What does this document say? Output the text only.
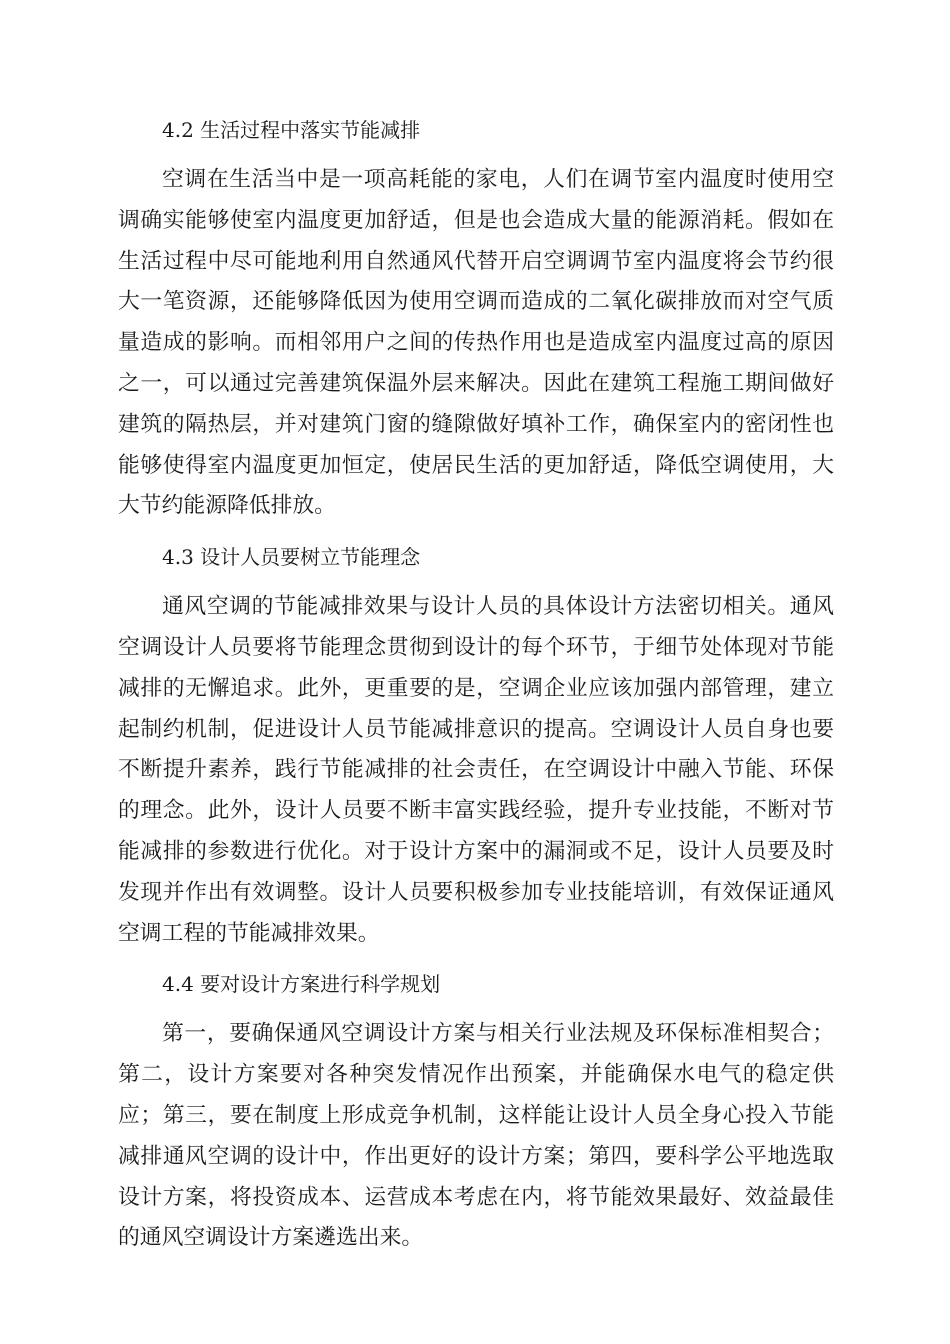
4.2 生活过程中落实节能减排

空调在生活当中是一项高耗能的家电，人们在调节室内温度时使用空调确实能够使室内温度更加舒适，但是也会造成大量的能源消耗。假如在生活过程中尽可能地利用自然通风代替开启空调调节室内温度将会节约很大一笔资源，还能够降低因为使用空调而造成的二氧化碳排放而对空气质量造成的影响。而相邻用户之间的传热作用也是造成室内温度过高的原因之一，可以通过完善建筑保温外层来解决。因此在建筑工程施工期间做好建筑的隔热层，并对建筑门窗的缝隙做好填补工作，确保室内的密闭性也能够使得室内温度更加恒定，使居民生活的更加舒适，降低空调使用，大大节约能源降低排放。

4.3 设计人员要树立节能理念

通风空调的节能减排效果与设计人员的具体设计方法密切相关。通风空调设计人员要将节能理念贯彻到设计的每个环节，于细节处体现对节能减排的无懈追求。此外，更重要的是，空调企业应该加强内部管理，建立起制约机制，促进设计人员节能减排意识的提高。空调设计人员自身也要不断提升素养，践行节能减排的社会责任，在空调设计中融入节能、环保的理念。此外，设计人员要不断丰富实践经验，提升专业技能，不断对节能减排的参数进行优化。对于设计方案中的漏洞或不足，设计人员要及时发现并作出有效调整。设计人员要积极参加专业技能培训，有效保证通风空调工程的节能减排效果。

4.4 要对设计方案进行科学规划

第一，要确保通风空调设计方案与相关行业法规及环保标准相契合；第二，设计方案要对各种突发情况作出预案，并能确保水电气的稳定供应；第三，要在制度上形成竞争机制，这样能让设计人员全身心投入节能减排通风空调的设计中，作出更好的设计方案；第四，要科学公平地选取设计方案，将投资成本、运营成本考虑在内，将节能效果最好、效益最佳的通风空调设计方案遴选出来。
